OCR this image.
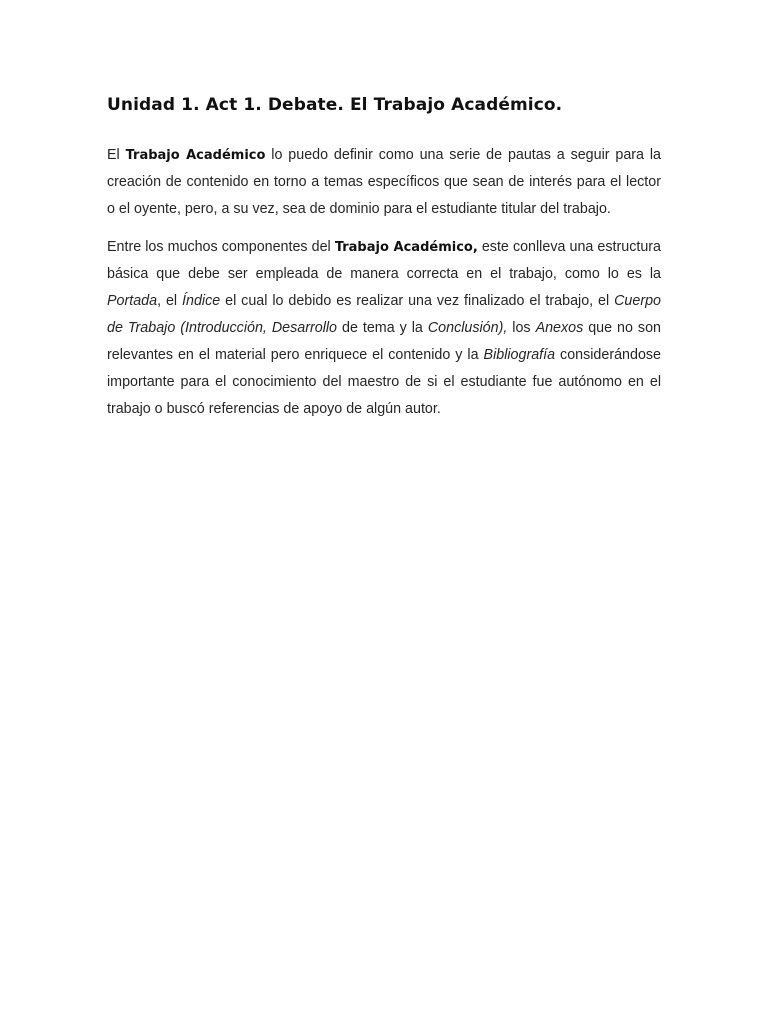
Unidad 1. Act 1. Debate. El Trabajo Académico.

El Trabajo Académico lo puedo definir como una serie de pautas a seguir para la creación de contenido en torno a temas específicos que sean de interés para el lector o el oyente, pero, a su vez, sea de dominio para el estudiante titular del trabajo.

Entre los muchos componentes del Trabajo Académico, este conlleva una estructura básica que debe ser empleada de manera correcta en el trabajo, como lo es la Portada, el Índice el cual lo debido es realizar una vez finalizado el trabajo, el Cuerpo de Trabajo (Introducción, Desarrollo de tema y la Conclusión), los Anexos que no son relevantes en el material pero enriquece el contenido y la Bibliografía considerándose importante para el conocimiento del maestro de si el estudiante fue autónomo en el trabajo o buscó referencias de apoyo de algún autor.
